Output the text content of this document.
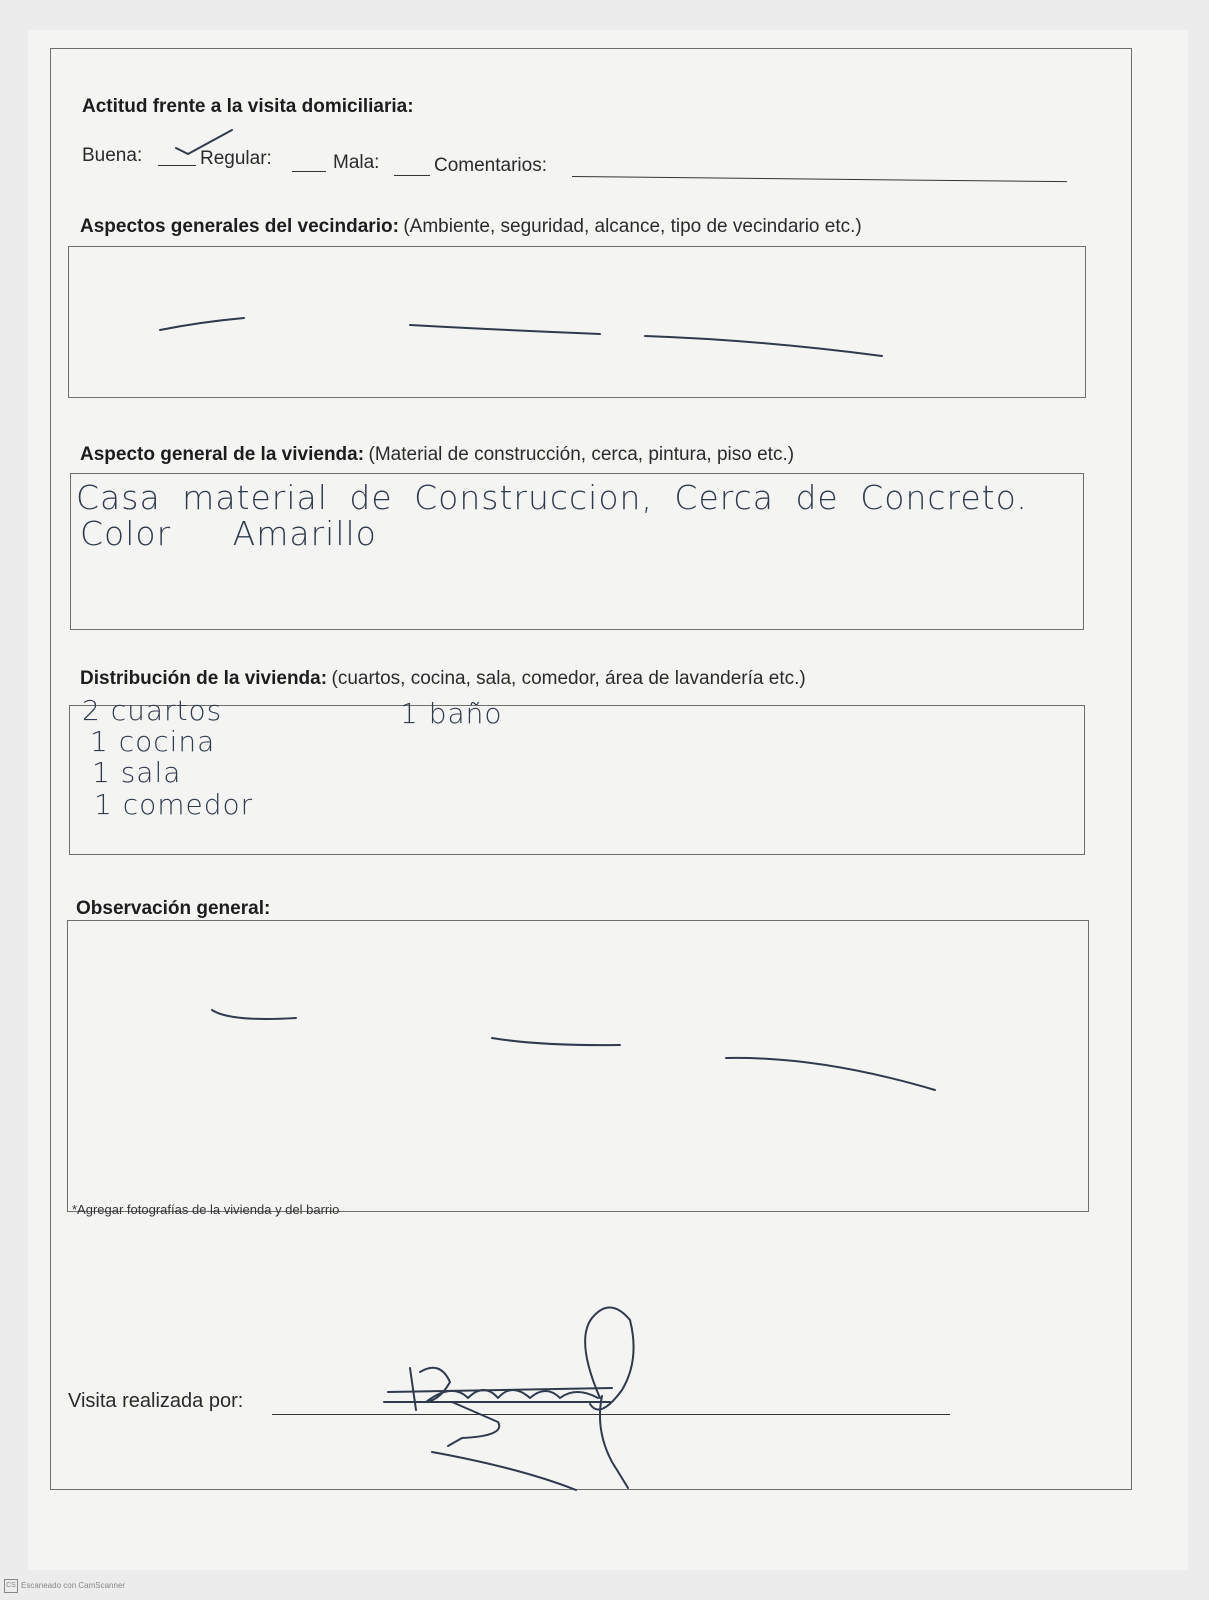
Actitud frente a la visita domiciliaria:
Buena:	Regular:	Mala:	Comentarios:
Aspectos generales del vecindario: (Ambiente, seguridad, alcance, tipo de vecindario etc.)
Aspecto general de la vivienda: (Material de construcción, cerca, pintura, piso etc.)
Casa material de Construccion, Cerca de Concreto.
Color Amarillo
Distribución de la vivienda: (cuartos, cocina, sala, comedor, área de lavandería etc.)
2 cuartos
1 cocina
1 sala
1 comedor
1 baño
Observación general:
*Agregar fotografías de la vivienda y del barrio
Visita realizada por:
CS Escaneado con CamScanner
